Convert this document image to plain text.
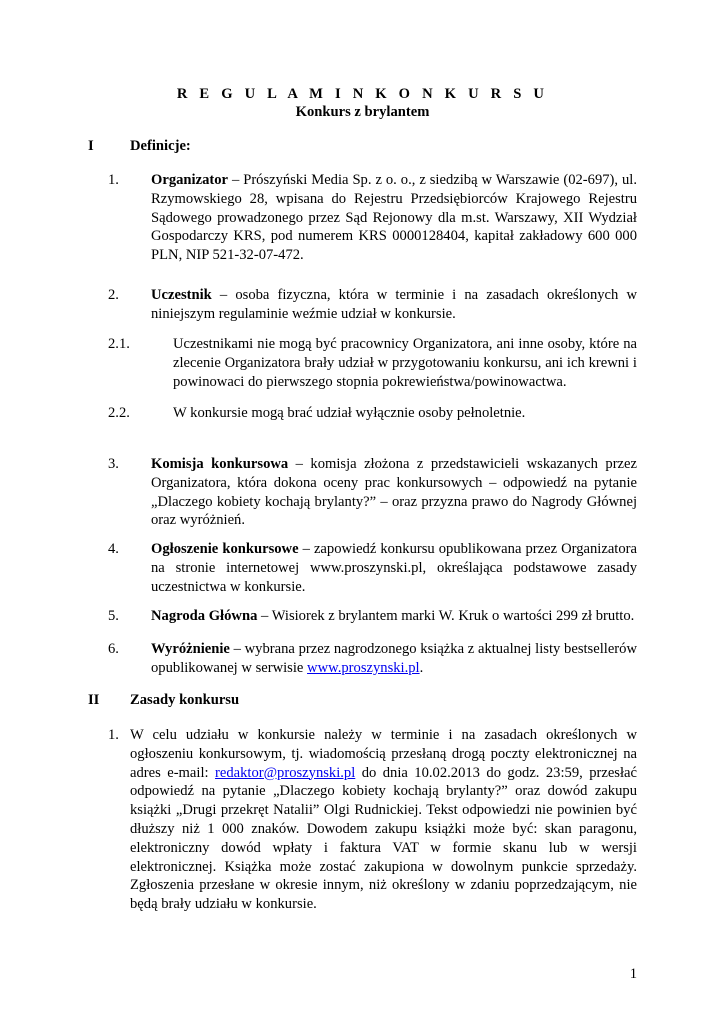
R E G U L A M I N K O N K U R S U
Konkurs z brylantem
I Definicje:
1. Organizator – Prószyński Media Sp. z o. o., z siedzibą w Warszawie (02-697), ul. Rzymowskiego 28, wpisana do Rejestru Przedsiębiorców Krajowego Rejestru Sądowego prowadzonego przez Sąd Rejonowy dla m.st. Warszawy, XII Wydział Gospodarczy KRS, pod numerem KRS 0000128404, kapitał zakładowy 600 000 PLN, NIP 521-32-07-472.
2. Uczestnik – osoba fizyczna, która w terminie i na zasadach określonych w niniejszym regulaminie weźmie udział w konkursie.
2.1.	Uczestnikami nie mogą być pracownicy Organizatora, ani inne osoby, które na zlecenie Organizatora brały udział w przygotowaniu konkursu, ani ich krewni i powinowaci do pierwszego stopnia pokrewieństwa/powinowactwa.
2.2.	W konkursie mogą brać udział wyłącznie osoby pełnoletnie.
3. Komisja konkursowa – komisja złożona z przedstawicieli wskazanych przez Organizatora, która dokona oceny prac konkursowych – odpowiedź na pytanie „Dlaczego kobiety kochają brylanty?” – oraz przyzna prawo do Nagrody Głównej oraz wyróżnień.
4. Ogłoszenie konkursowe – zapowiedź konkursu opublikowana przez Organizatora na stronie internetowej www.proszynski.pl, określająca podstawowe zasady uczestnictwa w konkursie.
5. Nagroda Główna – Wisiorek z brylantem marki W. Kruk o wartości 299 zł brutto.
6. Wyróżnienie – wybrana przez nagrodzonego książka z aktualnej listy bestsellerów opublikowanej w serwisie www.proszynski.pl.
II Zasady konkursu
1. W celu udziału w konkursie należy w terminie i na zasadach określonych w ogłoszeniu konkursowym, tj. wiadomością przesłaną drogą poczty elektronicznej na adres e-mail: redaktor@proszynski.pl do dnia 10.02.2013 do godz. 23:59, przesłać odpowiedź na pytanie „Dlaczego kobiety kochają brylanty?” oraz dowód zakupu książki „Drugi przekręt Natalii” Olgi Rudnickiej. Tekst odpowiedzi nie powinien być dłuższy niż 1 000 znaków. Dowodem zakupu książki może być: skan paragonu, elektroniczny dowód wpłaty i faktura VAT w formie skanu lub w wersji elektronicznej. Książka może zostać zakupiona w dowolnym punkcie sprzedaży. Zgłoszenia przesłane w okresie innym, niż określony w zdaniu poprzedzającym, nie będą brały udziału w konkursie.
1
